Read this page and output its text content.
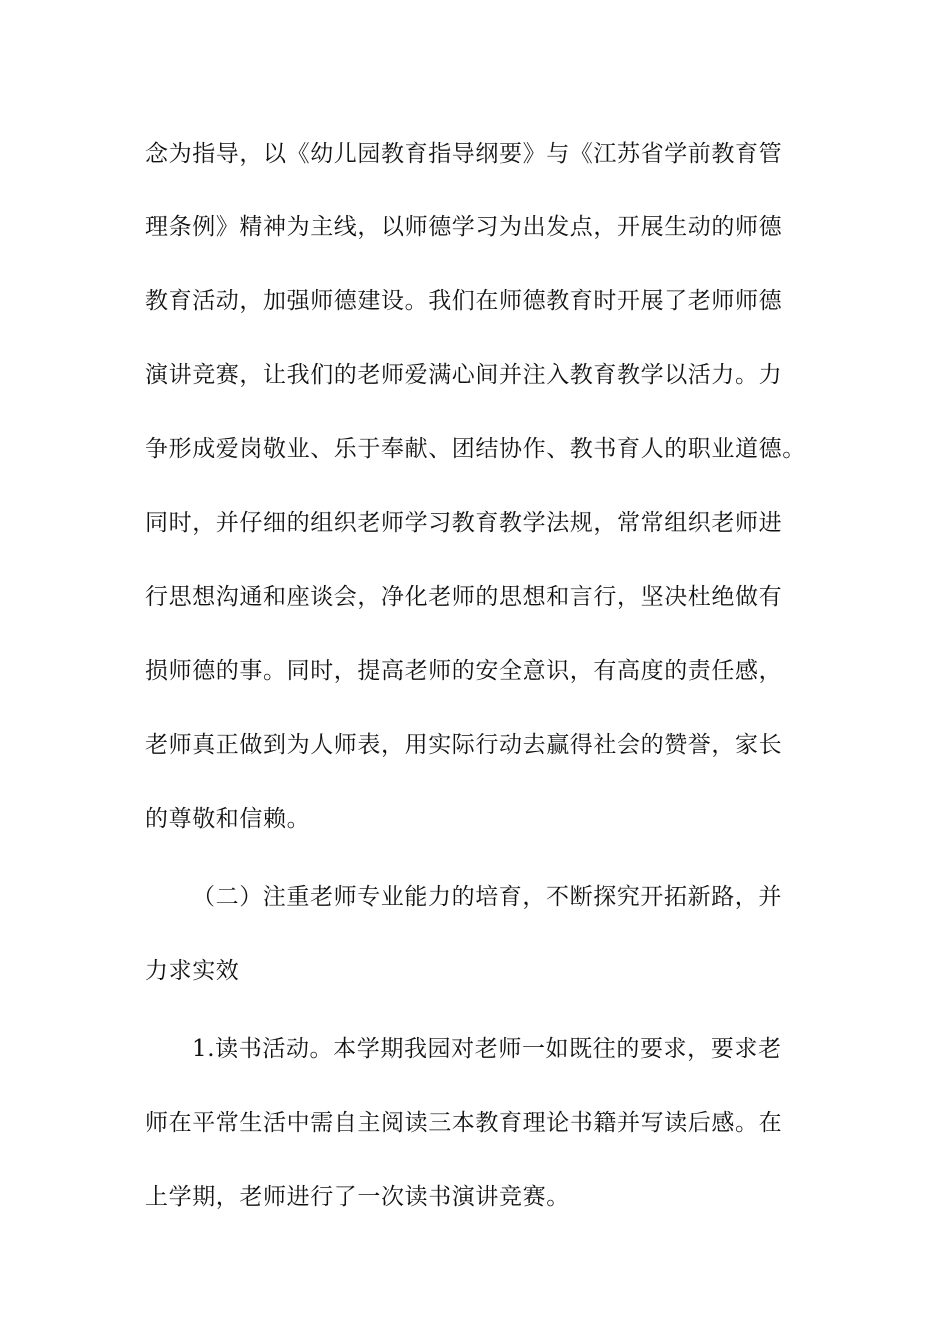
念为指导，以《幼儿园教育指导纲要》与《江苏省学前教育管
理条例》精神为主线，以师德学习为出发点，开展生动的师德
教育活动，加强师德建设。我们在师德教育时开展了老师师德
演讲竞赛，让我们的老师爱满心间并注入教育教学以活力。力
争形成爱岗敬业、乐于奉献、团结协作、教书育人的职业道德。
同时，并仔细的组织老师学习教育教学法规，常常组织老师进
行思想沟通和座谈会，净化老师的思想和言行，坚决杜绝做有
损师德的事。同时，提高老师的安全意识，有高度的责任感，
老师真正做到为人师表，用实际行动去赢得社会的赞誉，家长
的尊敬和信赖。
（二）注重老师专业能力的培育，不断探究开拓新路，并
力求实效
1.读书活动。本学期我园对老师一如既往的要求，要求老
师在平常生活中需自主阅读三本教育理论书籍并写读后感。在
上学期，老师进行了一次读书演讲竞赛。
